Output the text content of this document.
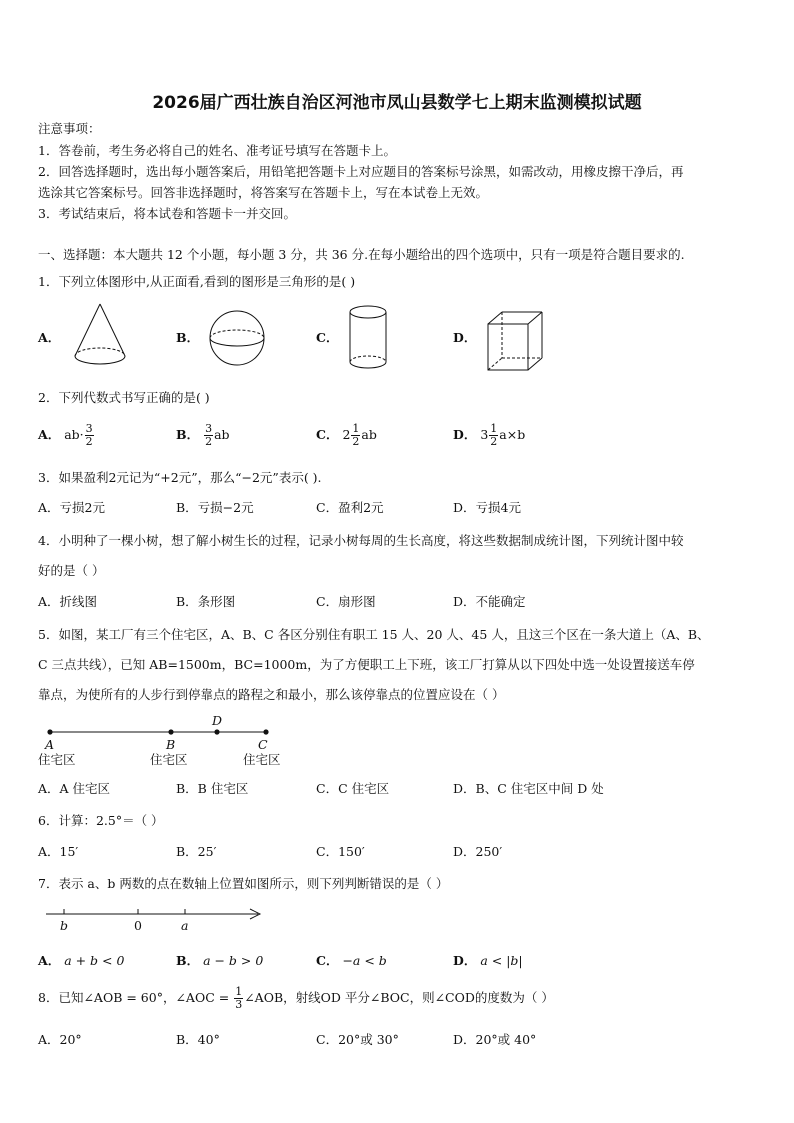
2026届广西壮族自治区河池市凤山县数学七上期末监测模拟试题
注意事项：
1．答卷前，考生务必将自己的姓名、准考证号填写在答题卡上。
2．回答选择题时，选出每小题答案后，用铅笔把答题卡上对应题目的答案标号涂黑，如需改动，用橡皮擦干净后，再
选涂其它答案标号。回答非选择题时，将答案写在答题卡上，写在本试卷上无效。
3．考试结束后，将本试卷和答题卡一并交回。
一、选择题：本大题共 12 个小题，每小题 3 分，共 36 分.在每小题给出的四个选项中，只有一项是符合题目要求的.
1．下列立体图形中,从正面看,看到的图形是三角形的是( )
A．	B．	C．	D．
2．下列代数式书写正确的是( )
A． $ab\cdot \frac{3}{2}$	B． $\frac{3}{2}$ ab	C． $2 \frac{1}{2}$ ab	D． $3 \frac{1}{2} a\times b$
3．如果盈利2元记为“+2元”，那么“−2元”表示( ).
A．亏损2元	B．亏损−2元	C．盈利2元	D．亏损4元
4．小明种了一棵小树，想了解小树生长的过程，记录小树每周的生长高度，将这些数据制成统计图，下列统计图中较
好的是（ ）
A．折线图	B．条形图	C．扇形图	D．不能确定
5．如图，某工厂有三个住宅区，A、B、C 各区分别住有职工 15 人、20 人、45 人，且这三个区在一条大道上（A、B、
C 三点共线），已知 AB=1500m，BC=1000m，为了方便职工上下班，该工厂打算从以下四处中选一处设置接送车停
靠点，为使所有的人步行到停靠点的路程之和最小，那么该停靠点的位置应设在（ ）
A	B
D
C
住宅区	住宅区	住宅区
A．A 住宅区	B．B 住宅区	C．C 住宅区	D．B、C 住宅区中间 D 处
6．计算：2.5°＝（ ）
A．15′	B．25′	C．150′	D．250′
7．表示 a、b 两数的点在数轴上位置如图所示，则下列判断错误的是（ ）
b	0	a
A． a + b < 0	B． a − b > 0	C． −a < b	D． a < |b|
8．已知∠AOB = 60°，∠AOC = $\frac{1}{3}$ ∠AOB，射线OD 平分∠BOC，则∠COD的度数为（ ）
A．20°	B．40°	C．20°或 30°	D．20°或 40°
